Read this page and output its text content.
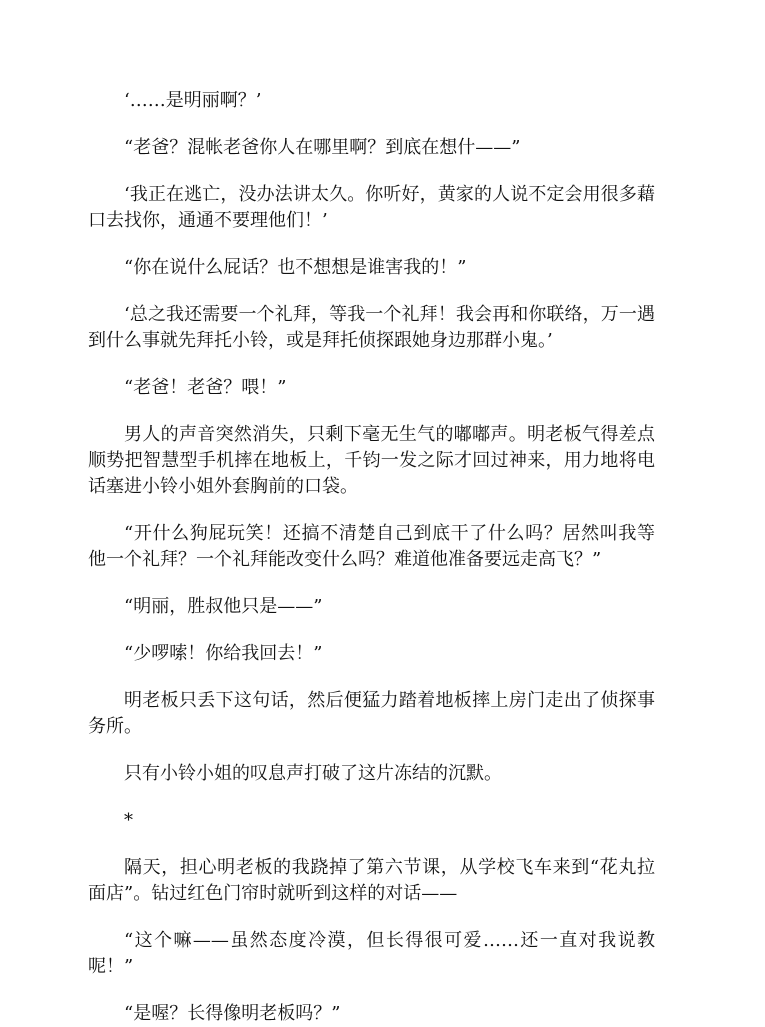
‘……是明丽啊？’

“老爸？混帐老爸你人在哪里啊？到底在想什——”

‘我正在逃亡，没办法讲太久。你听好，黄家的人说不定会用很多藉口去找你，通通不要理他们！’

“你在说什么屁话？也不想想是谁害我的！”

‘总之我还需要一个礼拜，等我一个礼拜！我会再和你联络，万一遇到什么事就先拜托小铃，或是拜托侦探跟她身边那群小鬼。’

“老爸！老爸？喂！”

男人的声音突然消失，只剩下毫无生气的嘟嘟声。明老板气得差点顺势把智慧型手机摔在地板上，千钧一发之际才回过神来，用力地将电话塞进小铃小姐外套胸前的口袋。

“开什么狗屁玩笑！还搞不清楚自己到底干了什么吗？居然叫我等他一个礼拜？一个礼拜能改变什么吗？难道他准备要远走高飞？”

“明丽，胜叔他只是——”

“少啰嗦！你给我回去！”

明老板只丢下这句话，然后便猛力踏着地板摔上房门走出了侦探事务所。

只有小铃小姐的叹息声打破了这片冻结的沉默。

*

隔天，担心明老板的我跷掉了第六节课，从学校飞车来到“花丸拉面店”。钻过红色门帘时就听到这样的对话——

“这个嘛——虽然态度冷漠，但长得很可爱……还一直对我说教呢！”

“是喔？长得像明老板吗？”
